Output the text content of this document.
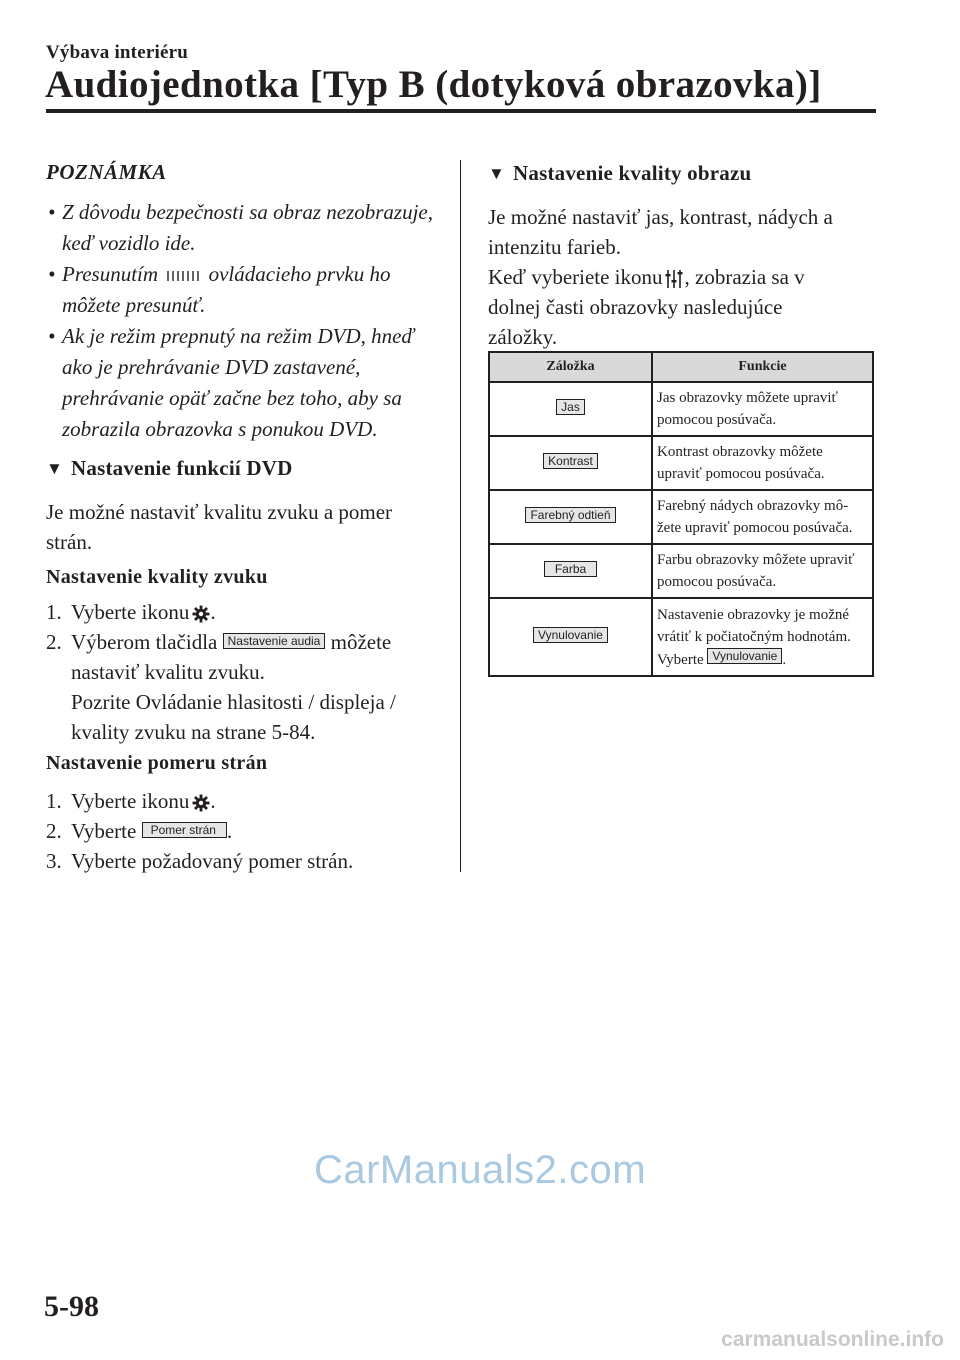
Výbava interiéru
Audiojednotka [Typ B (dotyková obrazovka)]
POZNÁMKA
• Z dôvodu bezpečnosti sa obraz nezobrazuje, keď vozidlo ide.
• Presunutím ovládacieho prvku ho môžete presunúť.
• Ak je režim prepnutý na režim DVD, hneď ako je prehrávanie DVD zastavené, prehrávanie opäť začne bez toho, aby sa zobrazila obrazovka s ponukou DVD.
▼ Nastavenie funkcií DVD
Je možné nastaviť kvalitu zvuku a pomer strán.
Nastavenie kvality zvuku
1. Vyberte ikonu .
2. Výberom tlačidla Nastavenie audia môžete nastaviť kvalitu zvuku.
Pozrite Ovládanie hlasitosti / displeja / kvality zvuku na strane 5-84.
Nastavenie pomeru strán
1. Vyberte ikonu .
2. Vyberte Pomer strán .
3. Vyberte požadovaný pomer strán.
▼ Nastavenie kvality obrazu
Je možné nastaviť jas, kontrast, nádych a intenzitu farieb.
Keď vyberiete ikonu , zobrazia sa v dolnej časti obrazovky nasledujúce záložky.
Záložka	Funkcie
Jas	Jas obrazovky môžete upraviť pomocou posúvača.
Kontrast	Kontrast obrazovky môžete upraviť pomocou posúvača.
Farebný odtieň	Farebný nádych obrazovky mô-žete upraviť pomocou posúvača.
Farba	Farbu obrazovky môžete upraviť pomocou posúvača.
Vynulovanie	Nastavenie obrazovky je možné vrátiť k počiatočným hodnotám. Vyberte Vynulovanie .
CarManuals2.com
5-98
carmanualsonline.info
